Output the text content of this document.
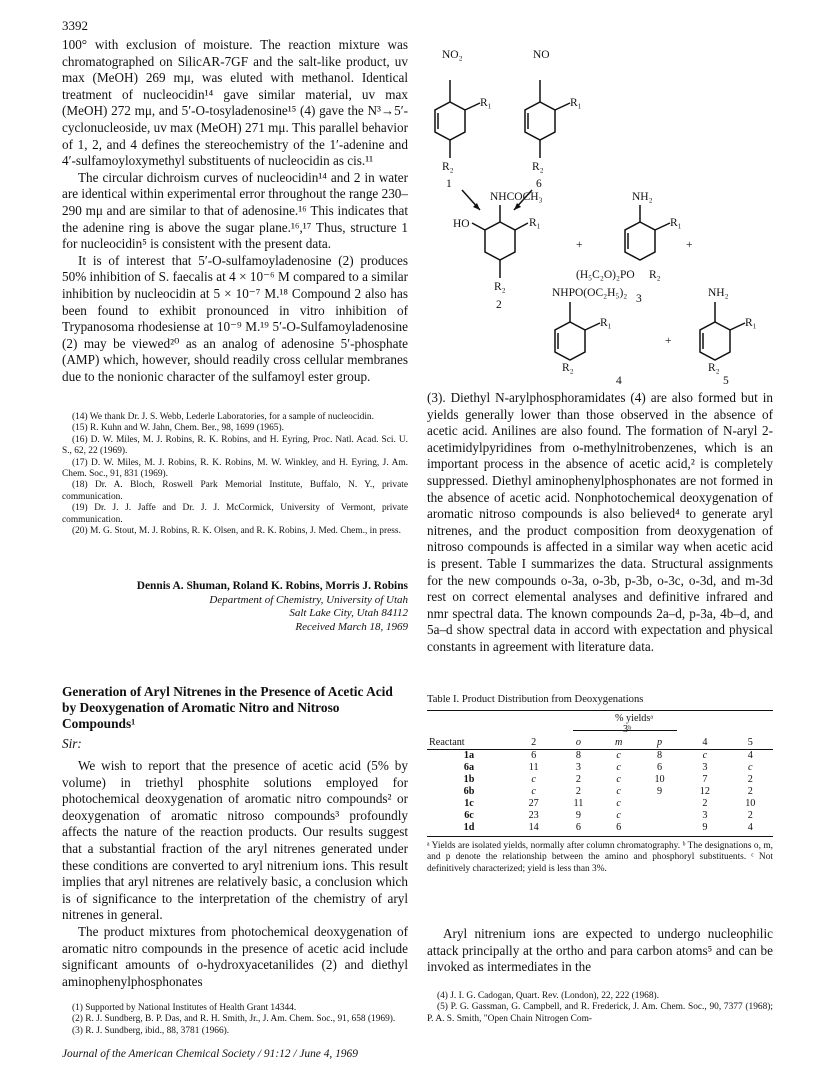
3392

100° with exclusion of moisture. The reaction mixture was chromatographed on SilicAR-7GF and the salt-like product, uv max (MeOH) 269 mμ, was eluted with methanol. Identical treatment of nucleocidin¹⁴ gave similar material, uv max (MeOH) 272 mμ, and 5′-O-tosyladenosine¹⁵ (4) gave the N³→5′-cyclonucleoside, uv max (MeOH) 271 mμ. This parallel behavior of 1, 2, and 4 defines the stereochemistry of the 1′-adenine and 4′-sulfamoyloxymethyl substituents of nucleocidin as cis.¹¹

The circular dichroism curves of nucleocidin¹⁴ and 2 in water are identical within experimental error throughout the range 230–290 mμ and are similar to that of adenosine.¹⁶ This indicates that the adenine ring is above the sugar plane.¹⁶,¹⁷ Thus, structure 1 for nucleocidin⁵ is consistent with the present data.

It is of interest that 5′-O-sulfamoyladenosine (2) produces 50% inhibition of S. faecalis at 4 × 10⁻⁶ M compared to a similar inhibition by nucleocidin at 5 × 10⁻⁷ M.¹⁸ Compound 2 also has been found to exhibit pronounced in vitro inhibition of Trypanosoma rhodesiense at 10⁻⁹ M.¹⁹ 5′-O-Sulfamoyladenosine (2) may be viewed²⁰ as an analog of adenosine 5′-phosphate (AMP) which, however, should readily cross cellular membranes due to the nonionic character of the sulfamoyl ester group.

(14) We thank Dr. J. S. Webb, Lederle Laboratories, for a sample of nucleocidin.
(15) R. Kuhn and W. Jahn, Chem. Ber., 98, 1699 (1965).
(16) D. W. Miles, M. J. Robins, R. K. Robins, and H. Eyring, Proc. Natl. Acad. Sci. U. S., 62, 22 (1969).
(17) D. W. Miles, M. J. Robins, R. K. Robins, M. W. Winkley, and H. Eyring, J. Am. Chem. Soc., 91, 831 (1969).
(18) Dr. A. Bloch, Roswell Park Memorial Institute, Buffalo, N. Y., private communication.
(19) Dr. J. J. Jaffe and Dr. J. J. McCormick, University of Vermont, private communication.
(20) M. G. Stout, M. J. Robins, R. K. Olsen, and R. K. Robins, J. Med. Chem., in press.
Dennis A. Shuman, Roland K. Robins, Morris J. Robins
Department of Chemistry, University of Utah
Salt Lake City, Utah 84112
Received March 18, 1969
Generation of Aryl Nitrenes in the Presence of Acetic Acid by Deoxygenation of Aromatic Nitro and Nitroso Compounds¹
Sir:

We wish to report that the presence of acetic acid (5% by volume) in triethyl phosphite solutions employed for photochemical deoxygenation of aromatic nitro compounds² or deoxygenation of aromatic nitroso compounds³ profoundly affects the nature of the reaction products. Our results suggest that a substantial fraction of the aryl nitrenes generated under these conditions are converted to aryl nitrenium ions. This result implies that aryl nitrenes are relatively basic, a conclusion which is of significance to the interpretation of the chemistry of aryl nitrenes in general.

The product mixtures from photochemical deoxygenation of aromatic nitro compounds in the presence of acetic acid include significant amounts of o-hydroxyacetanilides (2) and diethyl aminophenylphosphonates

(1) Supported by National Institutes of Health Grant 14344.
(2) R. J. Sundberg, B. P. Das, and R. H. Smith, Jr., J. Am. Chem. Soc., 91, 658 (1969).
(3) R. J. Sundberg, ibid., 88, 3781 (1966).
Journal of the American Chemical Society / 91:12 / June 4, 1969
NO₂	NO
R₁	R₁
R₂	R₂
1	6
NHCOCH₃
HO	R₁
R₂
2
+
NH₂
R₁
(H₅C₂O)₂PO R₂
3
+
NHPO(OC₂H₅)₂
R₁
R₂
4
+
NH₂
R₁
R₂
5

(3). Diethyl N-arylphosphoramidates (4) are also formed but in yields generally lower than those observed in the absence of acetic acid. Anilines are also found. The formation of N-aryl 2-acetimidylpyridines from o-methylnitrobenzenes, which is an important process in the absence of acetic acid,² is completely suppressed. Diethyl aminophenylphosphonates are not formed in the absence of acetic acid. Nonphotochemical deoxygenation of aromatic nitroso compounds is also believed⁴ to generate aryl nitrenes, and the product composition from deoxygenation of nitroso compounds is affected in a similar way when acetic acid is present. Table I summarizes the data. Structural assignments for the new compounds o-3a, o-3b, p-3b, o-3c, o-3d, and m-3d rest on correct elemental analyses and definitive infrared and nmr spectral data. The known compounds 2a–d, p-3a, 4b–d, and 5a–d show spectral data in accord with expectation and physical constants in agreement with literature data.

Table I. Product Distribution from Deoxygenations
% yieldsᵃ
3ᵇ
Reactant	2	o	m	p	4	5
1a	6	8	c	8	c	4
6a	11	3	c	6	3	c
1b	c	2	c	10	7	2
6b	c	2	c	9	12	2
1c	27	11	c		2	10
6c	23	9	c		3	2
1d	14	6	6		9	4
ᵃ Yields are isolated yields, normally after column chromatography. ᵇ The designations o, m, and p denote the relationship between the amino and phosphoryl substituents. ᶜ Not definitively characterized; yield is less than 3%.

Aryl nitrenium ions are expected to undergo nucleophilic attack principally at the ortho and para carbon atoms⁵ and can be invoked as intermediates in the

(4) J. I. G. Cadogan, Quart. Rev. (London), 22, 222 (1968).
(5) P. G. Gassman, G. Campbell, and R. Frederick, J. Am. Chem. Soc., 90, 7377 (1968); P. A. S. Smith, "Open Chain Nitrogen Com-
